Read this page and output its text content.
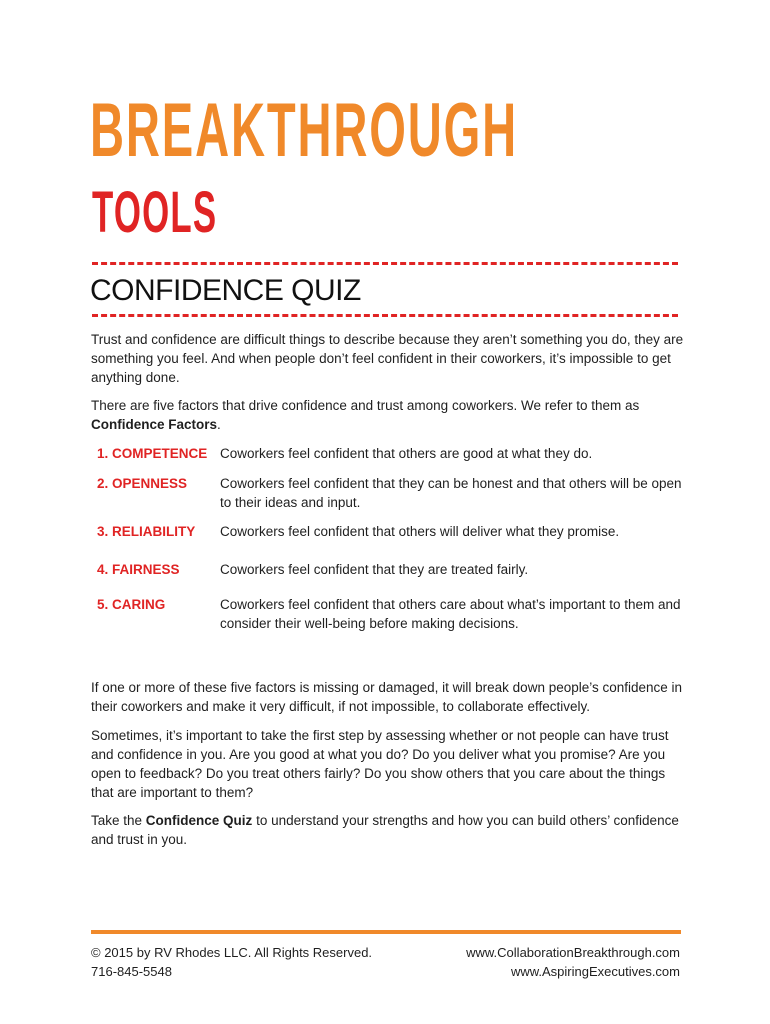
BREAKTHROUGH
TOOLS
CONFIDENCE QUIZ

Trust and confidence are difficult things to describe because they aren’t something you do, they are something you feel. And when people don’t feel confident in their coworkers, it’s impossible to get anything done.

There are five factors that drive confidence and trust among coworkers. We refer to them as Confidence Factors.

1. COMPETENCE Coworkers feel confident that others are good at what they do.
2. OPENNESS Coworkers feel confident that they can be honest and that others will be open to their ideas and input.
3. RELIABILITY Coworkers feel confident that others will deliver what they promise.
4. FAIRNESS	Coworkers feel confident that they are treated fairly.
5. CARING	Coworkers feel confident that others care about what’s important to them and consider their well-being before making decisions.

If one or more of these five factors is missing or damaged, it will break down people’s confidence in their coworkers and make it very difficult, if not impossible, to collaborate effectively.

Sometimes, it’s important to take the first step by assessing whether or not people can have trust and confidence in you. Are you good at what you do? Do you deliver what you promise? Are you open to feedback? Do you treat others fairly? Do you show others that you care about the things that are important to them?

Take the Confidence Quiz to understand your strengths and how you can build others’ confidence and trust in you.

© 2015 by RV Rhodes LLC. All Rights Reserved.
716-845-5548
www.CollaborationBreakthrough.com
www.AspiringExecutives.com
